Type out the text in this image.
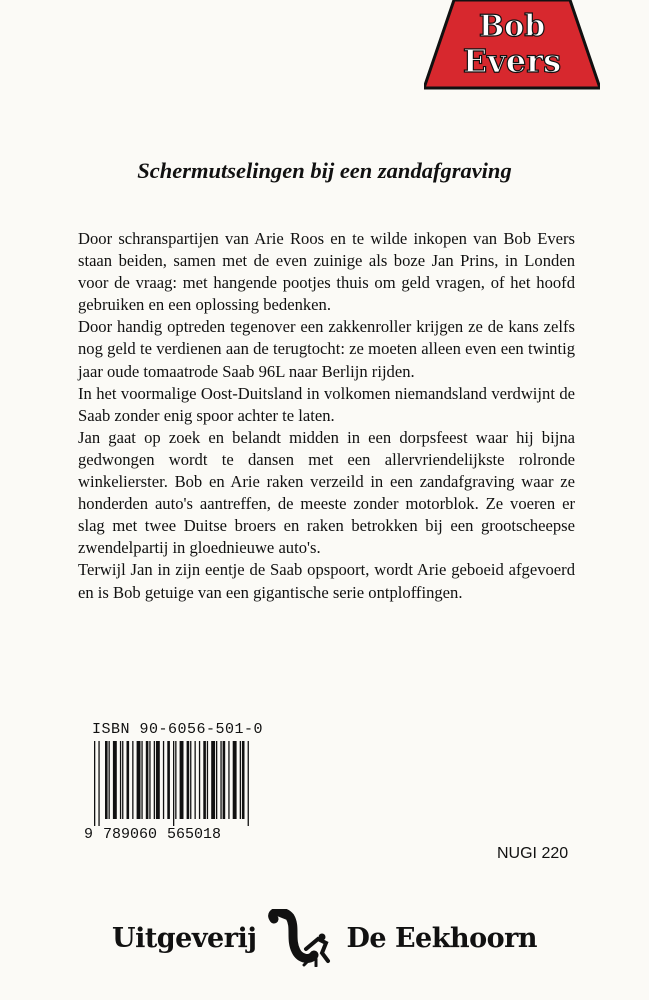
Bob
Evers
Schermutselingen bij een zandafgraving

Door schranspartijen van Arie Roos en te wilde inkopen van Bob Evers staan beiden, samen met de even zuinige als boze Jan Prins, in Londen voor de vraag: met hangende pootjes thuis om geld vragen, of het hoofd gebruiken en een oplossing bedenken.

Door handig optreden tegenover een zakkenroller krijgen ze de kans zelfs nog geld te verdienen aan de terugtocht: ze moeten alleen even een twintig jaar oude tomaatrode Saab 96L naar Berlijn rijden.

In het voormalige Oost-Duitsland in volkomen niemandsland verdwijnt de Saab zonder enig spoor achter te laten.

Jan gaat op zoek en belandt midden in een dorpsfeest waar hij bijna gedwongen wordt te dansen met een allervriendelijkste rolronde winkelierster. Bob en Arie raken verzeild in een zandafgraving waar ze honderden auto's aantreffen, de meeste zonder motorblok. Ze voeren er slag met twee Duitse broers en raken betrokken bij een grootscheepse zwendelpartij in gloednieuwe auto's.

Terwijl Jan in zijn eentje de Saab opspoort, wordt Arie geboeid afgevoerd en is Bob getuige van een gigantische serie ontploffingen.

ISBN 90-6056-501-0
9 789060 565018
NUGI 220
Uitgeverij	De Eekhoorn
